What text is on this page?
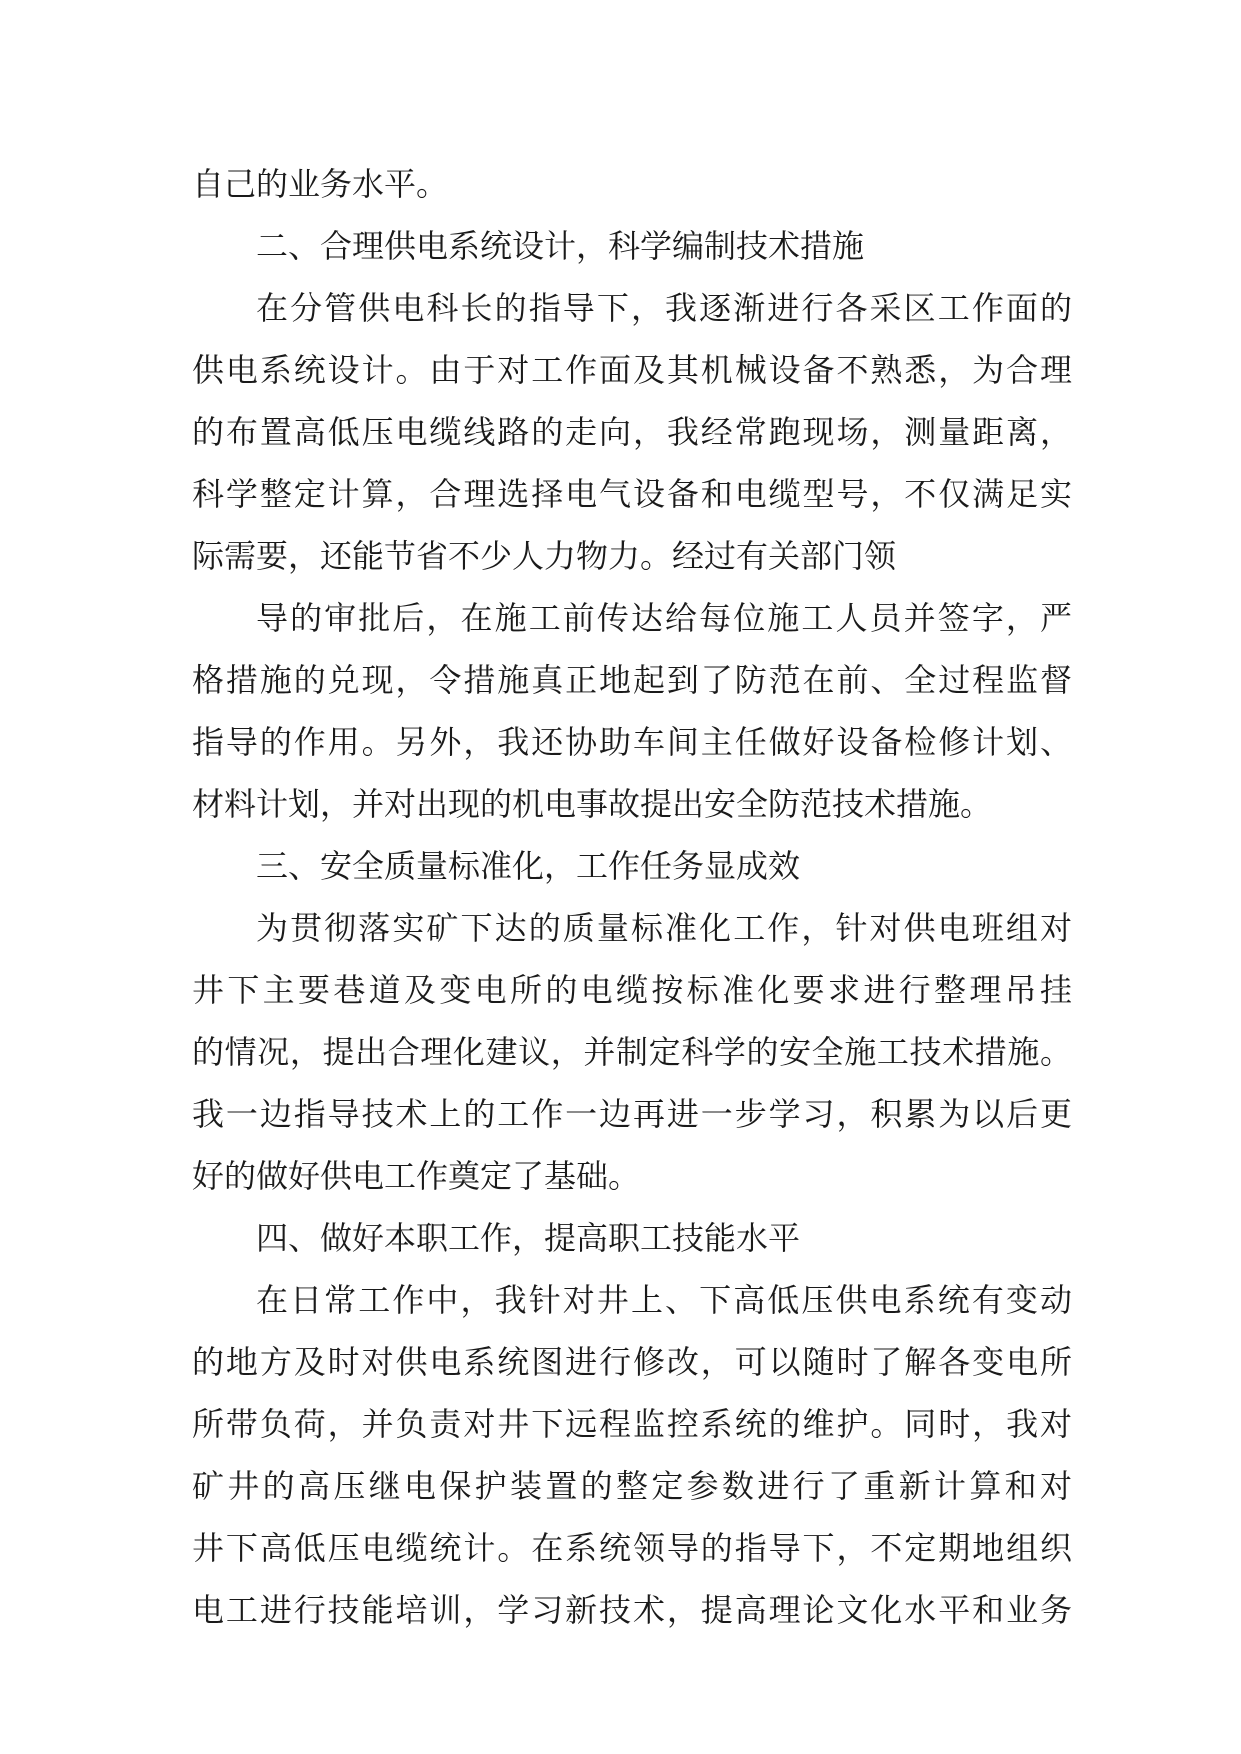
自己的业务水平。
二、合理供电系统设计，科学编制技术措施
在分管供电科长的指导下，我逐渐进行各采区工作面的
供电系统设计。由于对工作面及其机械设备不熟悉，为合理
的布置高低压电缆线路的走向，我经常跑现场，测量距离，
科学整定计算，合理选择电气设备和电缆型号，不仅满足实
际需要，还能节省不少人力物力。经过有关部门领
导的审批后，在施工前传达给每位施工人员并签字，严
格措施的兑现，令措施真正地起到了防范在前、全过程监督
指导的作用。另外，我还协助车间主任做好设备检修计划、
材料计划，并对出现的机电事故提出安全防范技术措施。
三、安全质量标准化，工作任务显成效
为贯彻落实矿下达的质量标准化工作，针对供电班组对
井下主要巷道及变电所的电缆按标准化要求进行整理吊挂
的情况，提出合理化建议，并制定科学的安全施工技术措施。
我一边指导技术上的工作一边再进一步学习，积累为以后更
好的做好供电工作奠定了基础。
四、做好本职工作，提高职工技能水平
在日常工作中，我针对井上、下高低压供电系统有变动
的地方及时对供电系统图进行修改，可以随时了解各变电所
所带负荷，并负责对井下远程监控系统的维护。同时，我对
矿井的高压继电保护装置的整定参数进行了重新计算和对
井下高低压电缆统计。在系统领导的指导下，不定期地组织
电工进行技能培训，学习新技术，提高理论文化水平和业务
